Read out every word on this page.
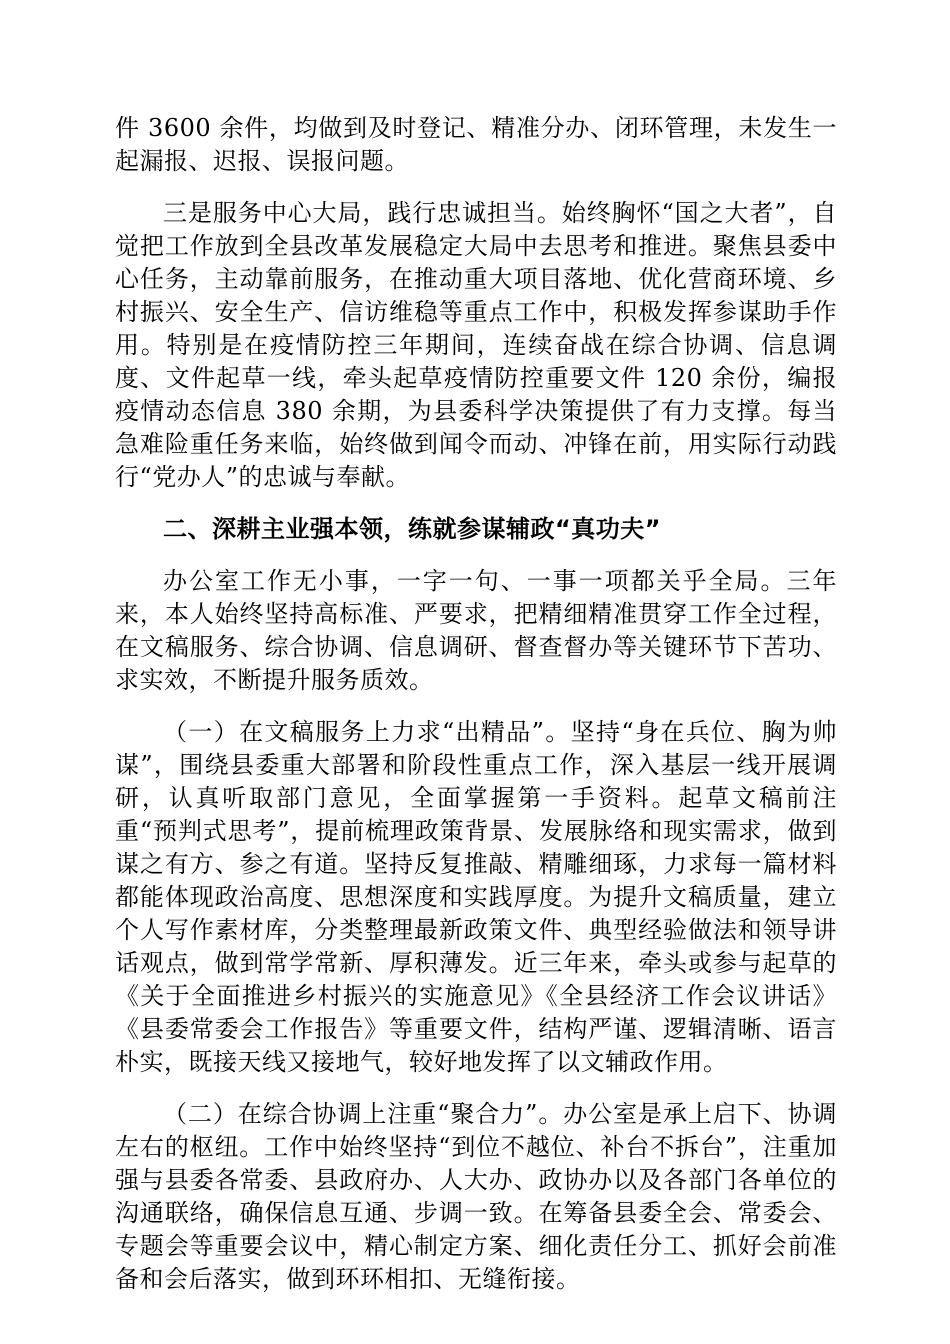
件 3600 余件，均做到及时登记、精准分办、闭环管理，未发生一起漏报、迟报、误报问题。

三是服务中心大局，践行忠诚担当。始终胸怀“国之大者”，自觉把工作放到全县改革发展稳定大局中去思考和推进。聚焦县委中心任务，主动靠前服务，在推动重大项目落地、优化营商环境、乡村振兴、安全生产、信访维稳等重点工作中，积极发挥参谋助手作用。特别是在疫情防控三年期间，连续奋战在综合协调、信息调度、文件起草一线，牵头起草疫情防控重要文件 120 余份，编报疫情动态信息 380 余期，为县委科学决策提供了有力支撑。每当急难险重任务来临，始终做到闻令而动、冲锋在前，用实际行动践行“党办人”的忠诚与奉献。

二、深耕主业强本领，练就参谋辅政“真功夫”

办公室工作无小事，一字一句、一事一项都关乎全局。三年来，本人始终坚持高标准、严要求，把精细精准贯穿工作全过程，在文稿服务、综合协调、信息调研、督查督办等关键环节下苦功、求实效，不断提升服务质效。

（一）在文稿服务上力求“出精品”。坚持“身在兵位、胸为帅谋”，围绕县委重大部署和阶段性重点工作，深入基层一线开展调研，认真听取部门意见，全面掌握第一手资料。起草文稿前注重“预判式思考”，提前梳理政策背景、发展脉络和现实需求，做到谋之有方、参之有道。坚持反复推敲、精雕细琢，力求每一篇材料都能体现政治高度、思想深度和实践厚度。为提升文稿质量，建立个人写作素材库，分类整理最新政策文件、典型经验做法和领导讲话观点，做到常学常新、厚积薄发。近三年来，牵头或参与起草的《关于全面推进乡村振兴的实施意见》《全县经济工作会议讲话》《县委常委会工作报告》等重要文件，结构严谨、逻辑清晰、语言朴实，既接天线又接地气，较好地发挥了以文辅政作用。

（二）在综合协调上注重“聚合力”。办公室是承上启下、协调左右的枢纽。工作中始终坚持“到位不越位、补台不拆台”，注重加强与县委各常委、县政府办、人大办、政协办以及各部门各单位的沟通联络，确保信息互通、步调一致。在筹备县委全会、常委会、专题会等重要会议中，精心制定方案、细化责任分工、抓好会前准备和会后落实，做到环环相扣、无缝衔接。
